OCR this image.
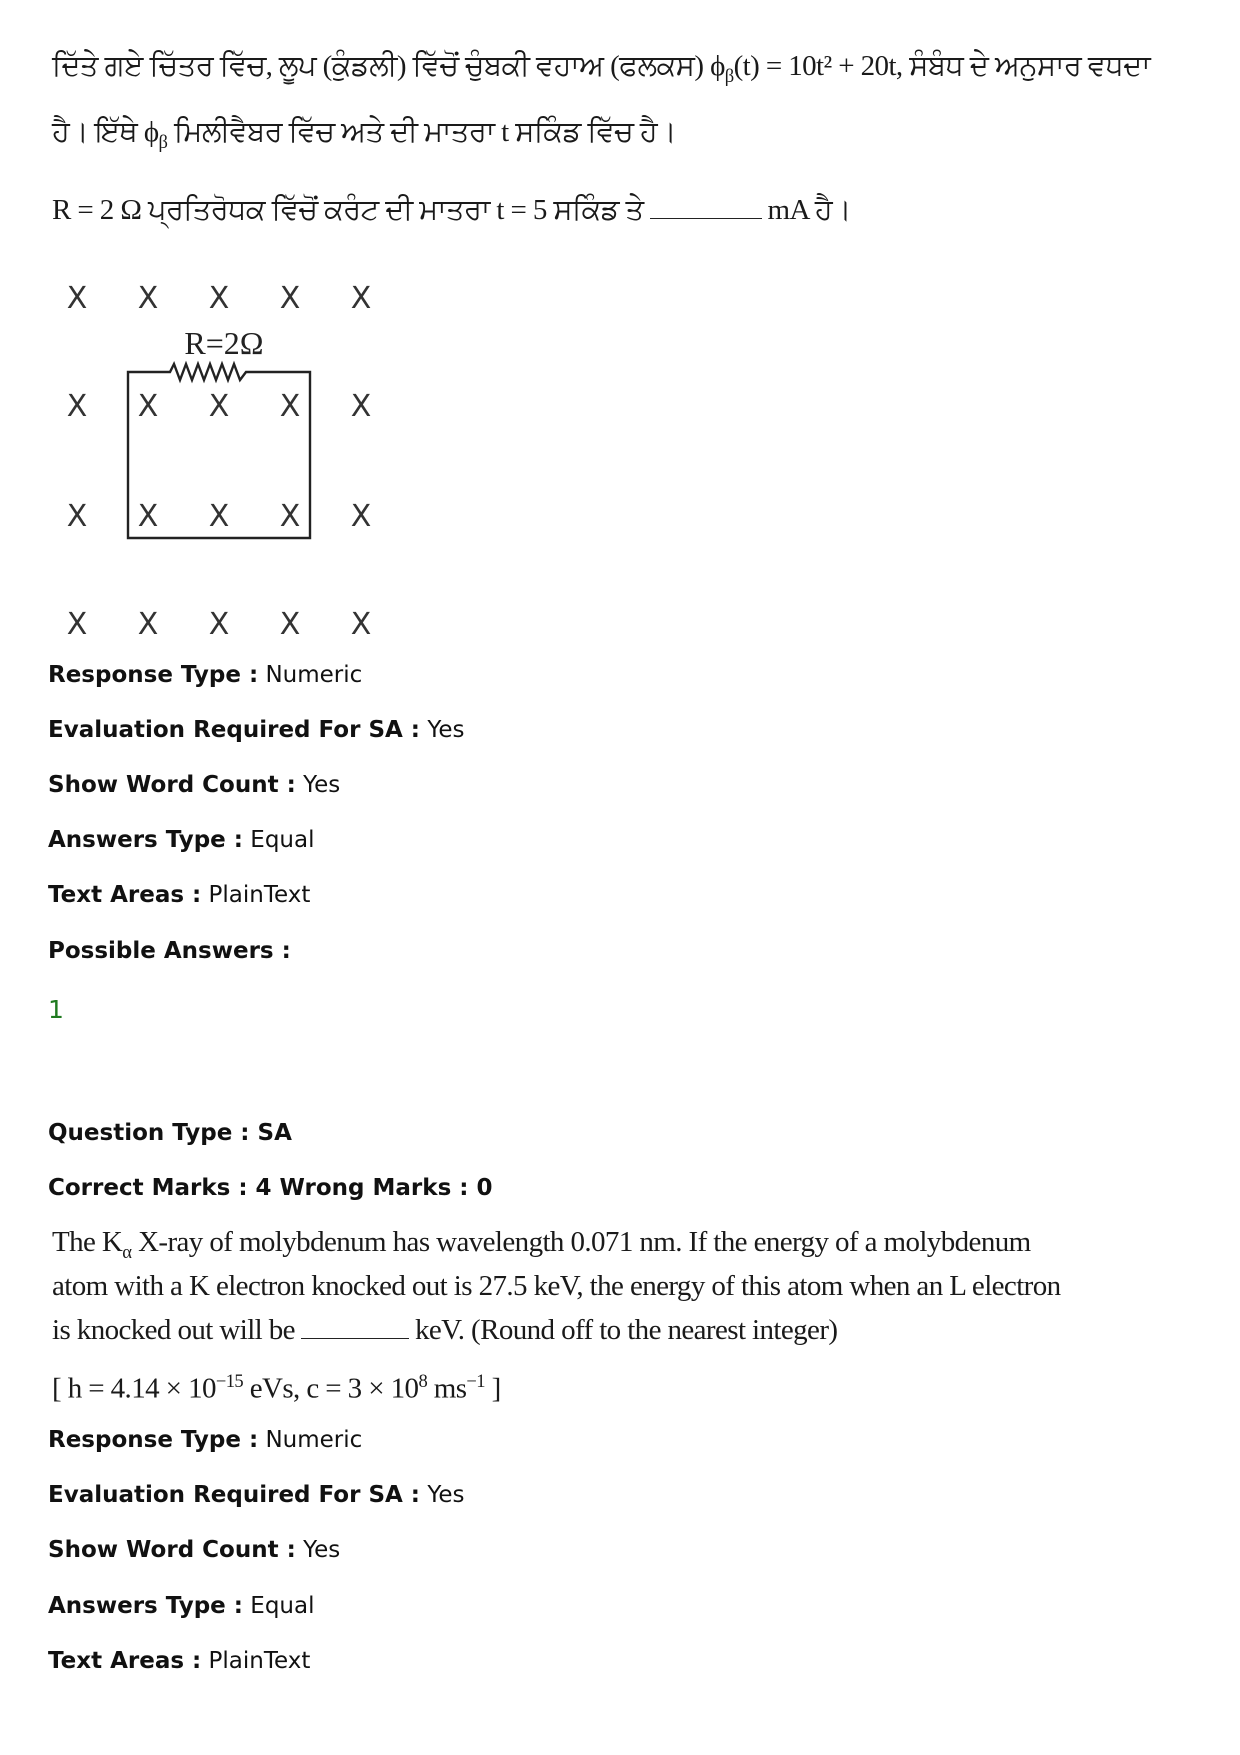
ਦਿੱਤੇ ਗਏ ਚਿੱਤਰ ਵਿੱਚ, ਲੂਪ (ਕੁੰਡਲੀ) ਵਿੱਚੋਂ ਚੁੰਬਕੀ ਵਹਾਅ (ਫਲਕਸ) $\phi_\beta(t) = 10t^2 + 20t$, ਸੰਬੰਧ ਦੇ ਅਨੁਸਾਰ ਵਧਦਾ
ਹੈ। ਇੱਥੇ $\phi_\beta$ ਮਿਲੀਵੈਬਰ ਵਿੱਚ ਅਤੇ ਦੀ ਮਾਤਰਾ t ਸਕਿੰਡ ਵਿੱਚ ਹੈ।
R = 2 Ω ਪ੍ਰਤਿਰੋਧਕ ਵਿੱਚੋਂ ਕਰੰਟ ਦੀ ਮਾਤਰਾ t = 5 ਸਕਿੰਡ ਤੇ	mA ਹੈ।
X X X X X
X X X X X
X X X X X
X X X X X
R=2Ω
Response Type : Numeric
Evaluation Required For SA : Yes
Show Word Count : Yes
Answers Type : Equal
Text Areas : PlainText
Possible Answers :
1
Question Type : SA
Correct Marks : 4 Wrong Marks : 0
The $K_\alpha$ X-ray of molybdenum has wavelength 0.071 nm. If the energy of a molybdenum
atom with a K electron knocked out is 27.5 keV, the energy of this atom when an L electron
is knocked out will be	keV. (Round off to the nearest integer)
[ $h = 4.14 \times 10^{-15}$ eVs, $c = 3 \times 10^8$ $ms^{-1}$ ]
Response Type : Numeric
Evaluation Required For SA : Yes
Show Word Count : Yes
Answers Type : Equal
Text Areas : PlainText
